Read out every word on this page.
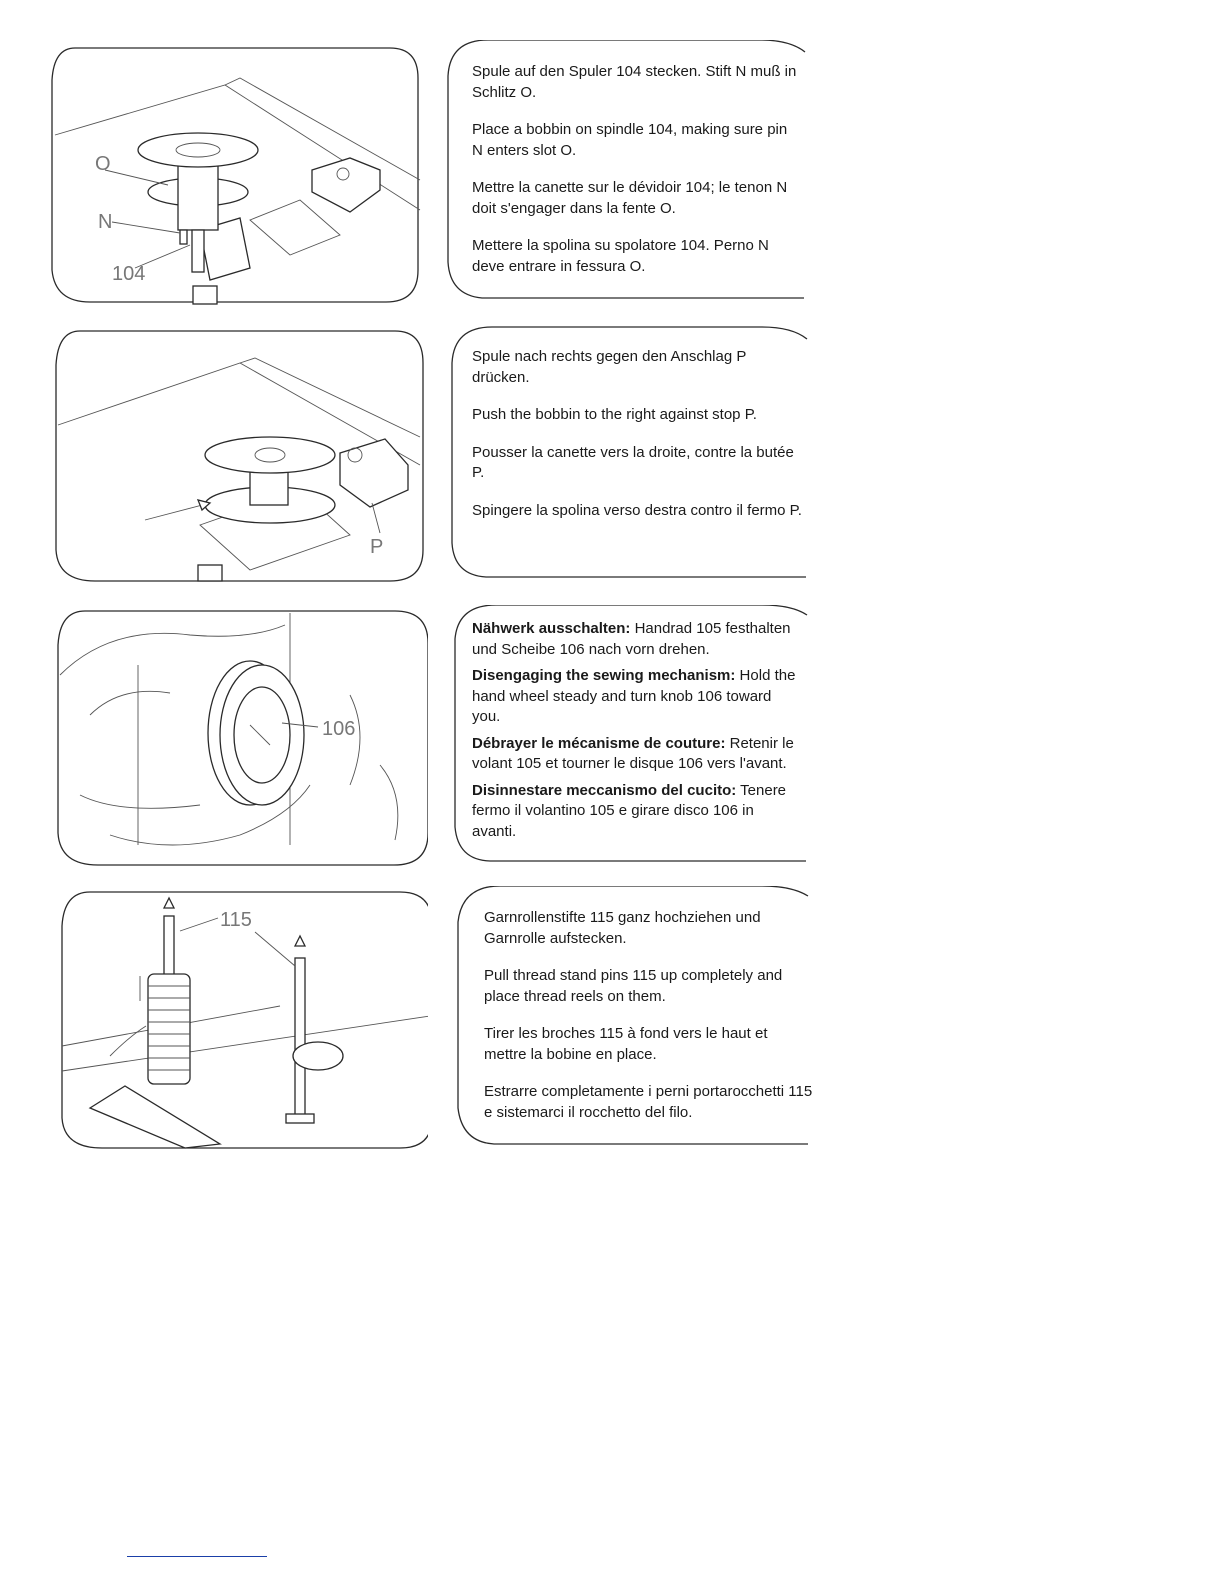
O
N
104

Spule auf den Spuler 104 stecken. Stift N muß in Schlitz O.

Place a bobbin on spindle 104, making sure pin N enters slot O.

Mettre la canette sur le dévidoir 104; le tenon N doit s'engager dans la fente O.

Mettere la spolina su spolatore 104. Perno N deve entrare in fessura O.

P

Spule nach rechts gegen den Anschlag P drücken.

Push the bobbin to the right against stop P.

Pousser la canette vers la droite, contre la butée P.

Spingere la spolina verso destra contro il fermo P.

106

Nähwerk ausschalten: Handrad 105 festhalten und Scheibe 106 nach vorn drehen.

Disengaging the sewing mechanism: Hold the hand wheel steady and turn knob 106 toward you.

Débrayer le mécanisme de couture: Retenir le volant 105 et tourner le disque 106 vers l'avant.

Disinnestare meccanismo del cucito: Tenere fermo il volantino 105 e girare disco 106 in avanti.

115	Garnrollenstifte 115 ganz hochziehen und Garnrolle aufstecken.

Pull thread stand pins 115 up completely and place thread reels on them.

Tirer les broches 115 à fond vers le haut et mettre la bobine en place.

Estrarre completamente i perni portarocchetti 115 e sistemarci il rocchetto del filo.
